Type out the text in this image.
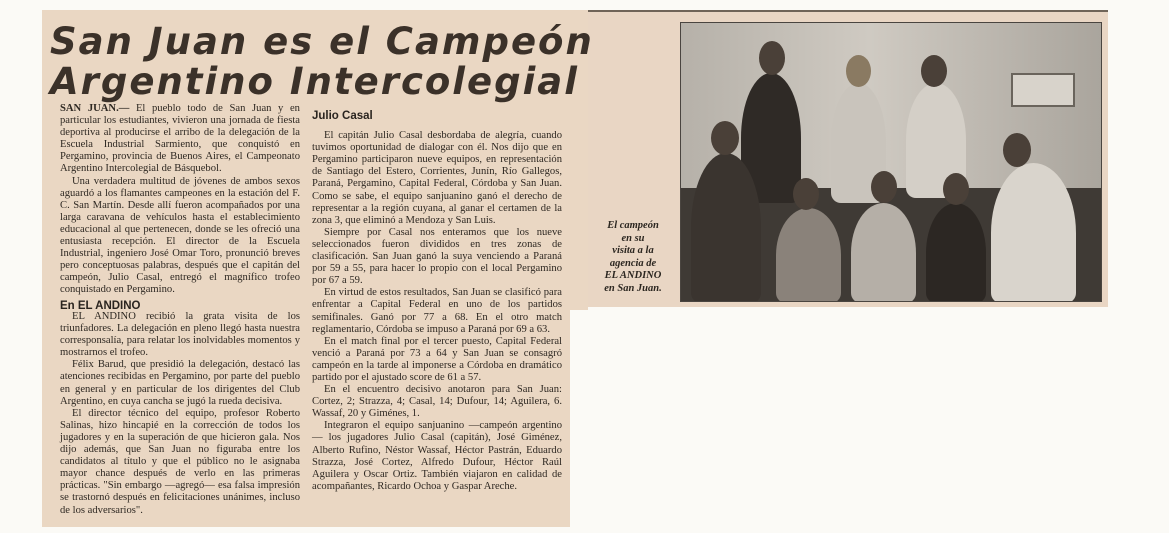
San Juan es el Campeón
Argentino Intercolegial

SAN JUAN.— El pueblo todo de San Juan y en particular los estudiantes, vivieron una jornada de fiesta deportiva al producirse el arribo de la delegación de la Escuela Industrial Sarmiento, que conquistó en Pergamino, provincia de Buenos Aires, el Campeonato Argentino Intercolegial de Básquebol.

Una verdadera multitud de jóvenes de ambos sexos aguardó a los flamantes campeones en la estación del F. C. San Martín. Desde allí fueron acompañados por una larga caravana de vehículos hasta el establecimiento educacional al que pertenecen, donde se les ofreció una entusiasta recepción. El director de la Escuela Industrial, ingeniero José Omar Toro, pronunció breves pero conceptuosas palabras, después que el capitán del campeón, Julio Casal, entregó el magnífico trofeo conquistado en Pergamino.

En EL ANDINO

EL ANDINO recibió la grata visita de los triunfadores. La delegación en pleno llegó hasta nuestra corresponsalía, para relatar los inolvidables momentos y mostrarnos el trofeo.

Félix Barud, que presidió la delegación, destacó las atenciones recibidas en Pergamino, por parte del pueblo en general y en particular de los dirigentes del Club Argentino, en cuya cancha se jugó la rueda decisiva.

El director técnico del equipo, profesor Roberto Salinas, hizo hincapié en la corrección de todos los jugadores y en la superación de que hicieron gala. Nos dijo además, que San Juan no figuraba entre los candidatos al título y que el público no le asignaba mayor chance después de verlo en las primeras prácticas. "Sin embargo —agregó— esa falsa impresión se trastornó después en felicitaciones unánimes, incluso de los adversarios".

Julio Casal

El capitán Julio Casal desbordaba de alegría, cuando tuvimos oportunidad de dialogar con él. Nos dijo que en Pergamino participaron nueve equipos, en representación de Santiago del Estero, Corrientes, Junín, Río Gallegos, Paraná, Pergamino, Capital Federal, Córdoba y San Juan. Como se sabe, el equipo sanjuanino ganó el derecho de representar a la región cuyana, al ganar el certamen de la zona 3, que eliminó a Mendoza y San Luis.

Siempre por Casal nos enteramos que los nueve seleccionados fueron divididos en tres zonas de clasificación. San Juan ganó la suya venciendo a Paraná por 59 a 55, para hacer lo propio con el local Pergamino por 67 a 59.

En virtud de estos resultados, San Juan se clasificó para enfrentar a Capital Federal en uno de los partidos semifinales. Ganó por 77 a 68. En el otro match reglamentario, Córdoba se impuso a Paraná por 69 a 63.

En el match final por el tercer puesto, Capital Federal venció a Paraná por 73 a 64 y San Juan se consagró campeón en la tarde al imponerse a Córdoba en dramático partido por el ajustado score de 61 a 57.

En el encuentro decisivo anotaron para San Juan: Cortez, 2; Strazza, 4; Casal, 14; Dufour, 14; Aguilera, 6. Wassaf, 20 y Giménes, 1.

Integraron el equipo sanjuanino —campeón argentino— los jugadores Julio Casal (capitán), José Giménez, Alberto Rufino, Néstor Wassaf, Héctor Pastrán, Eduardo Strazza, José Cortez, Alfredo Dufour, Héctor Raúl Aguilera y Oscar Ortiz. También viajaron en calidad de acompañantes, Ricardo Ochoa y Gaspar Areche.

El campeón
en su
visita a la
agencia de
EL ANDINO
en San Juan.
